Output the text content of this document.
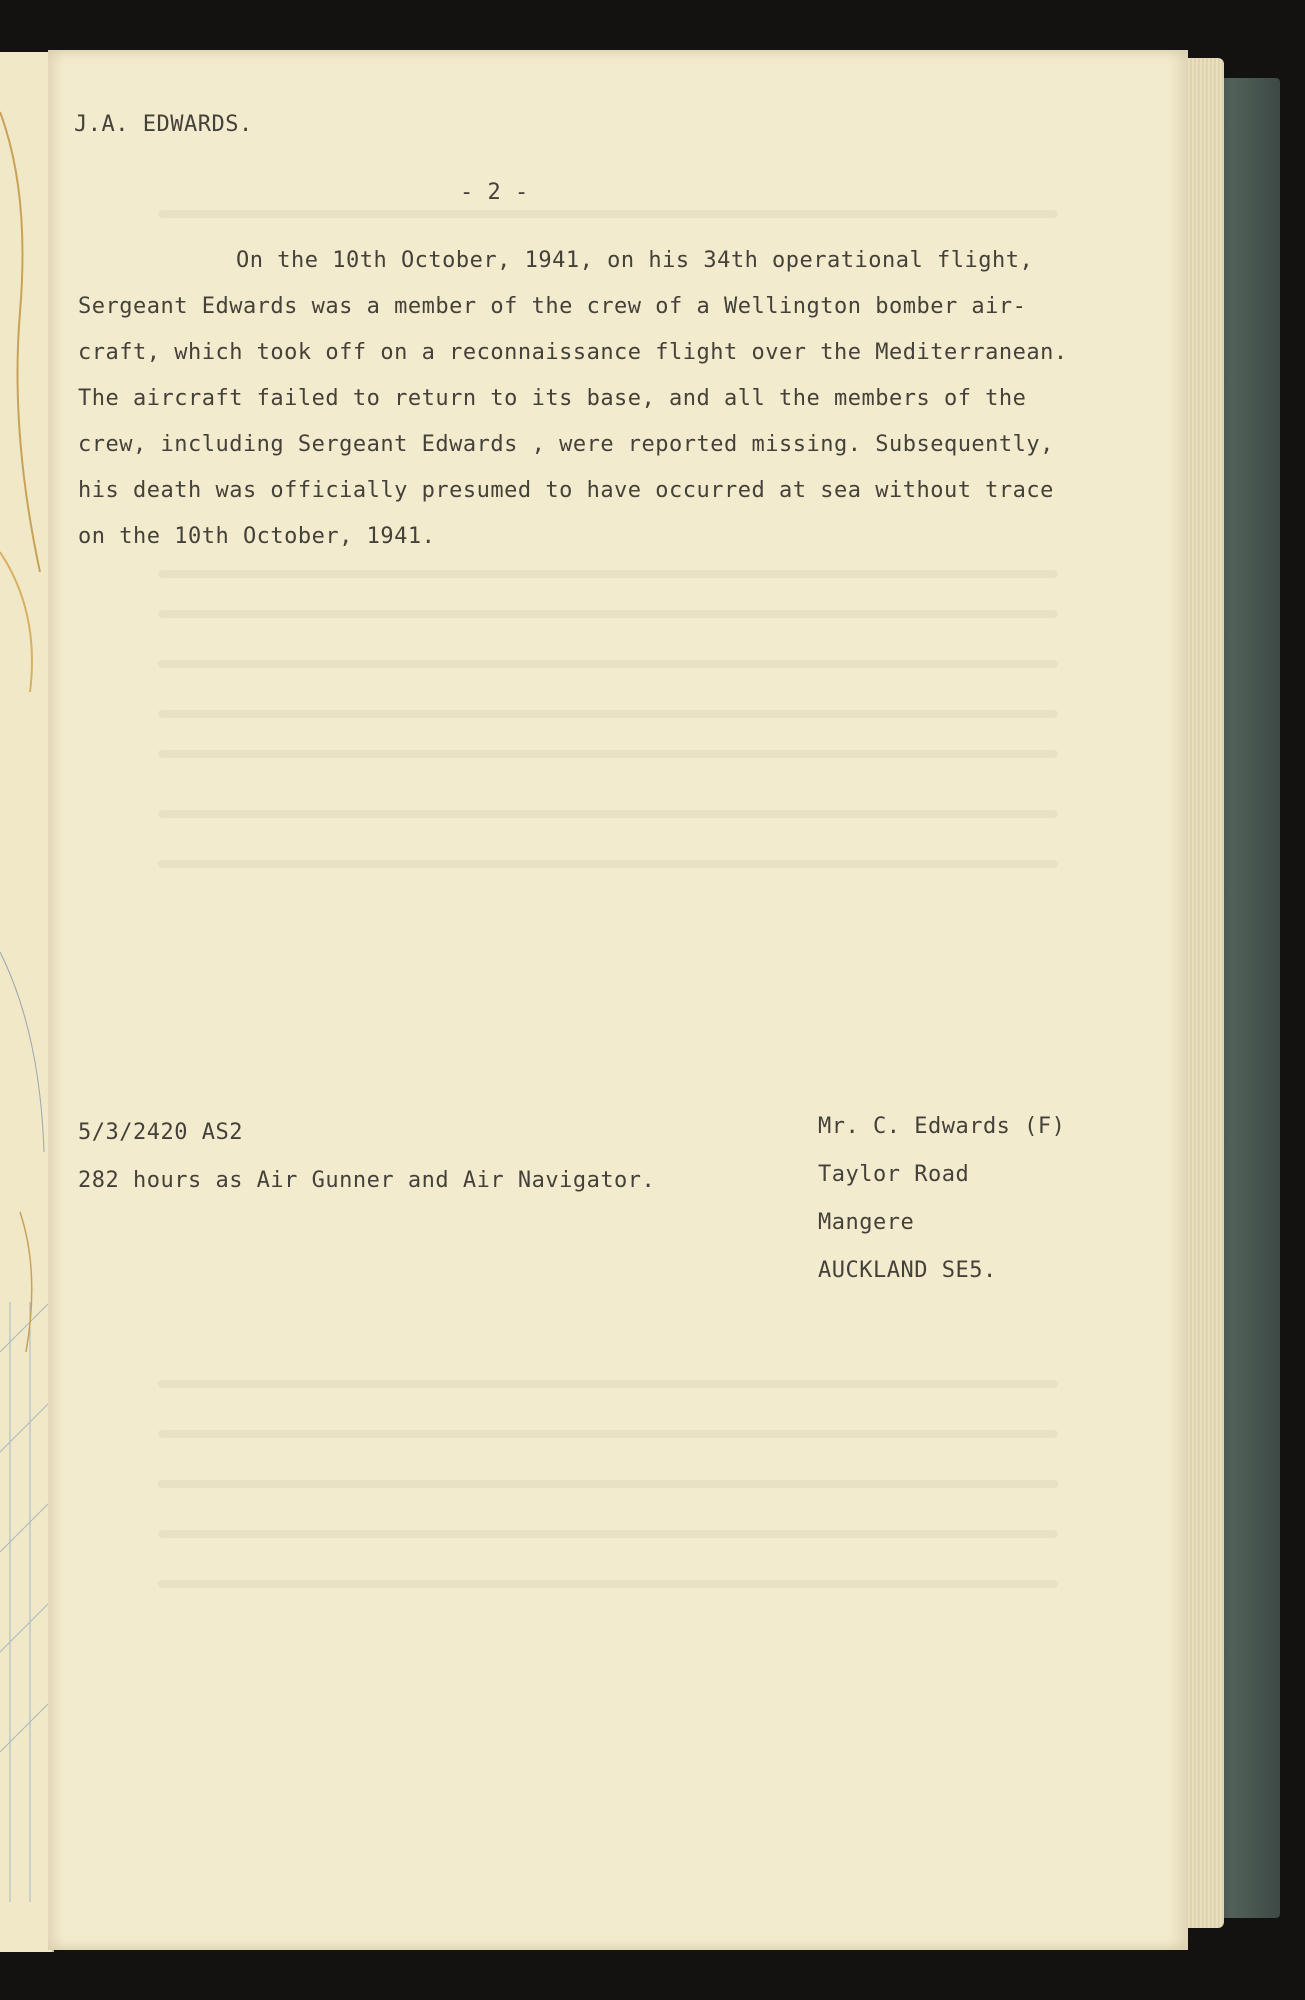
J.A. EDWARDS.
- 2 -
On the 10th October, 1941, on his 34th operational flight,
Sergeant Edwards was a member of the crew of a Wellington bomber air-
craft, which took off on a reconnaissance flight over the Mediterranean.
The aircraft failed to return to its base, and all the members of the
crew, including Sergeant Edwards , were reported missing. Subsequently,
his death was officially presumed to have occurred at sea without trace
on the 10th October, 1941.
5/3/2420 AS2
282 hours as Air Gunner and Air Navigator.
Mr. C. Edwards (F)
Taylor Road
Mangere
AUCKLAND SE5.
